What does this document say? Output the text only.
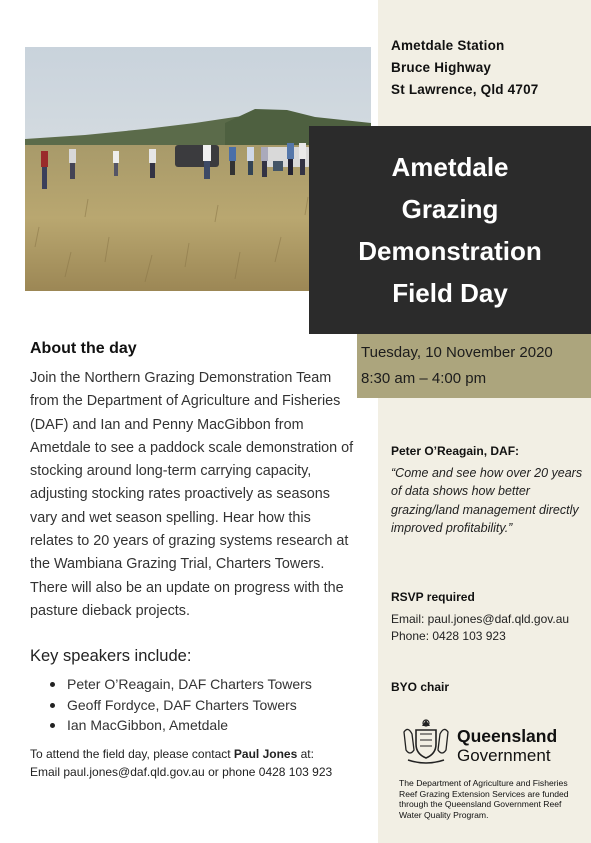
Ametdale Station
Bruce Highway
St Lawrence, Qld 4707
Ametdale
Grazing
Demonstration
Field Day
Tuesday, 10 November 2020
8:30 am – 4:00 pm
About the day
Join the Northern Grazing Demonstration Team from the Department of Agriculture and Fisheries (DAF) and Ian and Penny MacGibbon from Ametdale to see a paddock scale demonstration of stocking around long-term carrying capacity, adjusting stocking rates proactively as seasons vary and wet season spelling. Hear how this relates to 20 years of grazing systems research at the Wambiana Grazing Trial, Charters Towers. There will also be an update on progress with the pasture dieback projects.
Key speakers include:
Peter O’Reagain, DAF Charters Towers
Geoff Fordyce, DAF Charters Towers
Ian MacGibbon, Ametdale
To attend the field day, please contact Paul Jones at:
Email paul.jones@daf.qld.gov.au or phone 0428 103 923
Peter O’Reagain, DAF:
“Come and see how over 20 years of data shows how better grazing/land management directly improved profitability.”
RSVP required
Email: paul.jones@daf.qld.gov.au
Phone: 0428 103 923
BYO chair
Queensland
Government
The Department of Agriculture and Fisheries Reef Grazing Extension Services are funded through the Queensland Government Reef Water Quality Program.
